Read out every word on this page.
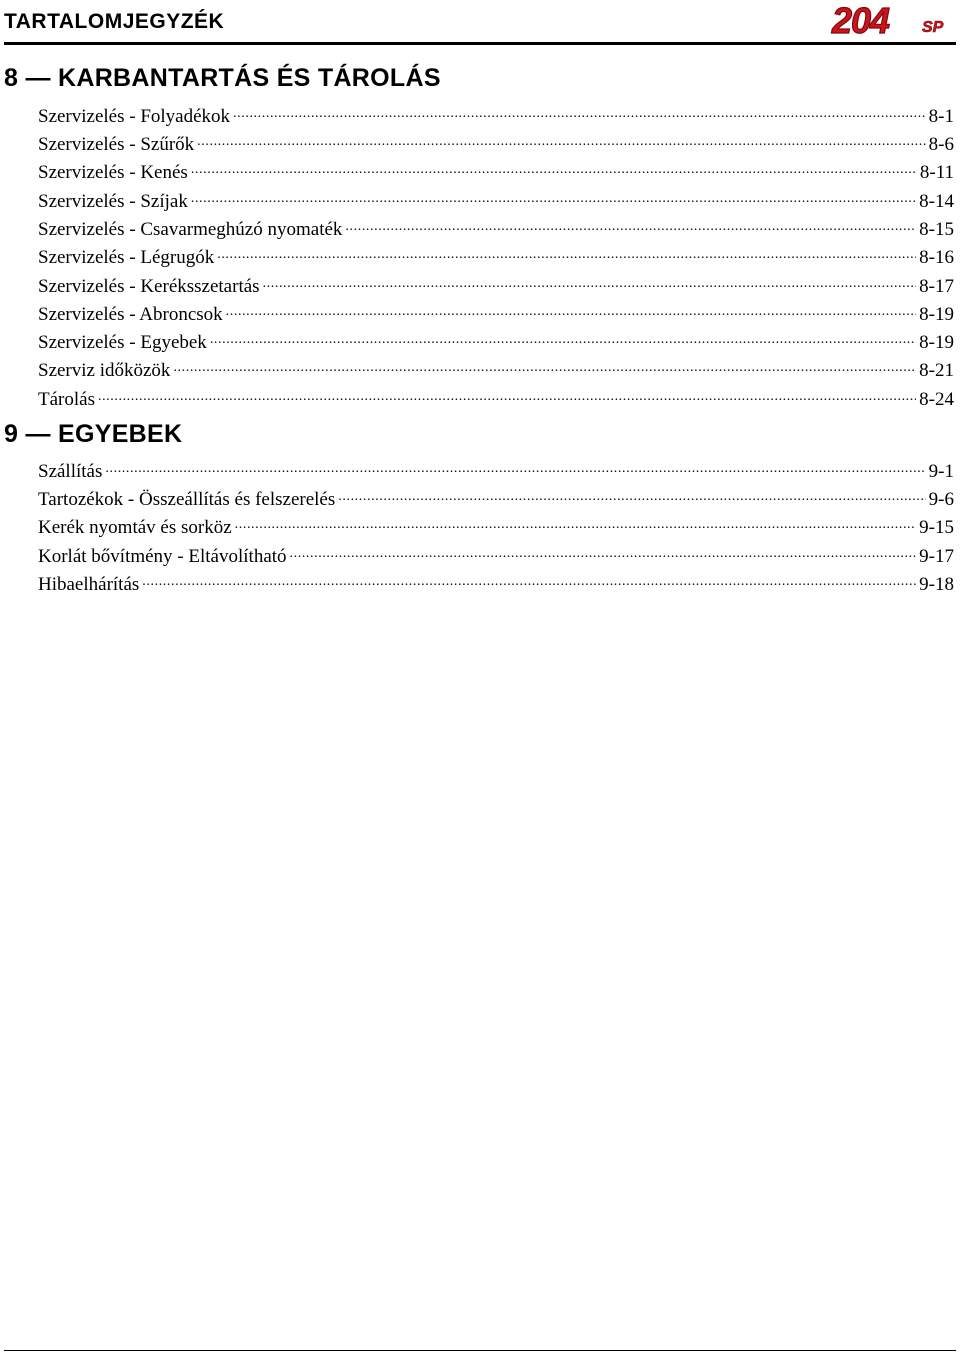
TARTALOMJEGYZÉK	204 SP
8 — KARBANTARTÁS ÉS TÁROLÁS
Szervizelés - Folyadékok .....	8-1
Szervizelés - Szűrők .....	8-6
Szervizelés - Kenés .....	8-11
Szervizelés - Szíjak .....	8-14
Szervizelés - Csavarmeghúzó nyomaték .....	8-15
Szervizelés - Légrugók .....	8-16
Szervizelés - Keréksszetartás .....	8-17
Szervizelés - Abroncsok .....	8-19
Szervizelés - Egyebek .....	8-19
Szerviz időközök .....	8-21
Tárolás .....	8-24
9 — EGYEBEK
Szállítás .....	9-1
Tartozékok - Összeállítás és felszerelés .....	9-6
Kerék nyomtáv és sorköz .....	9-15
Korlát bővítmény - Eltávolítható .....	9-17
Hibaelhárítás .....	9-18
